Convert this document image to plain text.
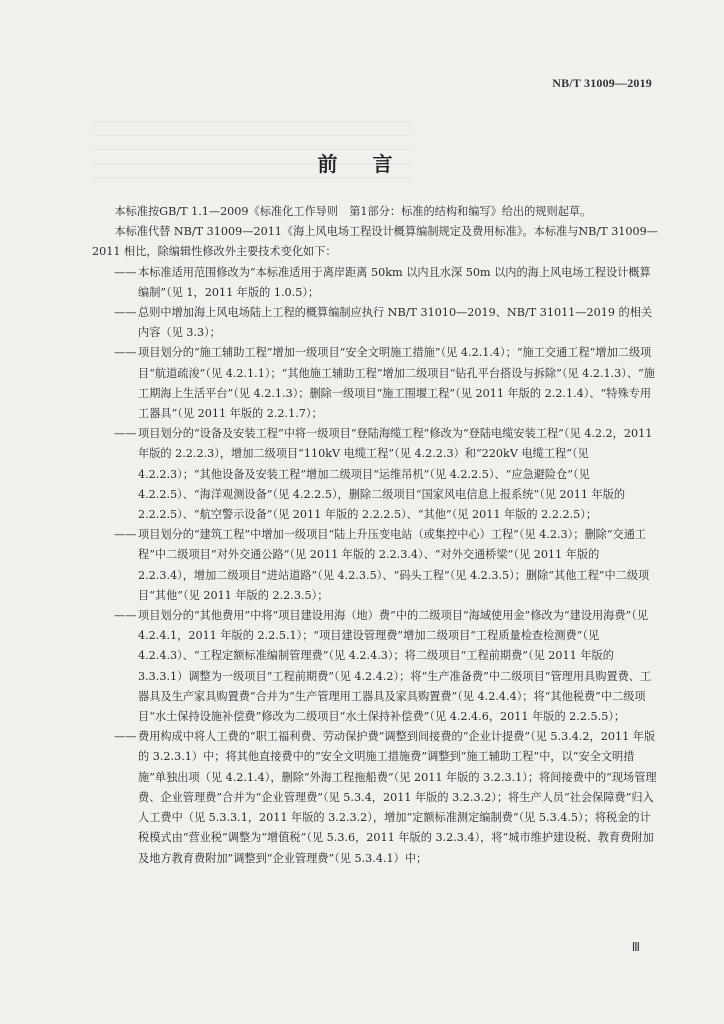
NB/T 31009—2019
前 言

本标准按GB/T 1.1—2009《标准化工作导则　第1部分：标准的结构和编写》给出的规则起草。

本标准代替 NB/T 31009—2011《海上风电场工程设计概算编制规定及费用标准》。本标准与NB/T 31009—2011 相比，除编辑性修改外主要技术变化如下：

—— 本标准适用范围修改为“本标准适用于离岸距离 50km 以内且水深 50m 以内的海上风电场工程设计概算编制”（见 1，2011 年版的 1.0.5）；
—— 总则中增加海上风电场陆上工程的概算编制应执行 NB/T 31010—2019、NB/T 31011—2019 的相关内容（见 3.3）；
—— 项目划分的“施工辅助工程”增加一级项目“安全文明施工措施”（见 4.2.1.4）；“施工交通工程”增加二级项目“航道疏浚”（见 4.2.1.1）；“其他施工辅助工程”增加二级项目“钻孔平台搭设与拆除”（见 4.2.1.3）、“施工期海上生活平台”（见 4.2.1.3）；删除一级项目“施工围堰工程”（见 2011 年版的 2.2.1.4）、“特殊专用工器具”（见 2011 年版的 2.2.1.7）；
—— 项目划分的“设备及安装工程”中将一级项目“登陆海缆工程”修改为“登陆电缆安装工程”（见 4.2.2，2011 年版的 2.2.2.3），增加二级项目“110kV 电缆工程”（见 4.2.2.3）和“220kV 电缆工程”（见 4.2.2.3）；“其他设备及安装工程”增加二级项目“运维吊机”（见 4.2.2.5）、“应急避险仓”（见 4.2.2.5）、“海洋观测设备”（见 4.2.2.5），删除二级项目“国家风电信息上报系统”（见 2011 年版的 2.2.2.5）、“航空警示设备”（见 2011 年版的 2.2.2.5）、“其他”（见 2011 年版的 2.2.2.5）；
—— 项目划分的“建筑工程”中增加一级项目“陆上升压变电站（或集控中心）工程”（见 4.2.3）；删除“交通工程”中二级项目“对外交通公路”（见 2011 年版的 2.2.3.4）、“对外交通桥梁”（见 2011 年版的 2.2.3.4），增加二级项目“进站道路”（见 4.2.3.5）、“码头工程”（见 4.2.3.5）；删除“其他工程”中二级项目“其他”（见 2011 年版的 2.2.3.5）；
—— 项目划分的“其他费用”中将“项目建设用海（地）费”中的二级项目“海域使用金”修改为“建设用海费”（见 4.2.4.1，2011 年版的 2.2.5.1）；“项目建设管理费”增加二级项目“工程质量检查检测费”（见 4.2.4.3）、“工程定额标准编制管理费”（见 4.2.4.3）；将二级项目“工程前期费”（见 2011 年版的 3.3.3.1）调整为一级项目“工程前期费”（见 4.2.4.2）；将“生产准备费”中二级项目“管理用具购置费、工器具及生产家具购置费”合并为“生产管理用工器具及家具购置费”（见 4.2.4.4）；将“其他税费”中二级项目“水土保持设施补偿费”修改为二级项目“水土保持补偿费”（见 4.2.4.6，2011 年版的 2.2.5.5）；
—— 费用构成中将人工费的“职工福利费、劳动保护费”调整到间接费的“企业计提费”（见 5.3.4.2，2011 年版的 3.2.3.1）中；将其他直接费中的“安全文明施工措施费”调整到“施工辅助工程”中，以“安全文明措施”单独出项（见 4.2.1.4），删除“外海工程拖船费”（见 2011 年版的 3.2.3.1）；将间接费中的“现场管理费、企业管理费”合并为“企业管理费”（见 5.3.4，2011 年版的 3.2.3.2）；将生产人员“社会保障费”归入人工费中（见 5.3.3.1，2011 年版的 3.2.3.2），增加“定额标准测定编制费”（见 5.3.4.5）；将税金的计税模式由“营业税”调整为“增值税”（见 5.3.6，2011 年版的 3.2.3.4），将“城市维护建设税、教育费附加及地方教育费附加”调整到“企业管理费”（见 5.3.4.1）中；
Ⅲ
